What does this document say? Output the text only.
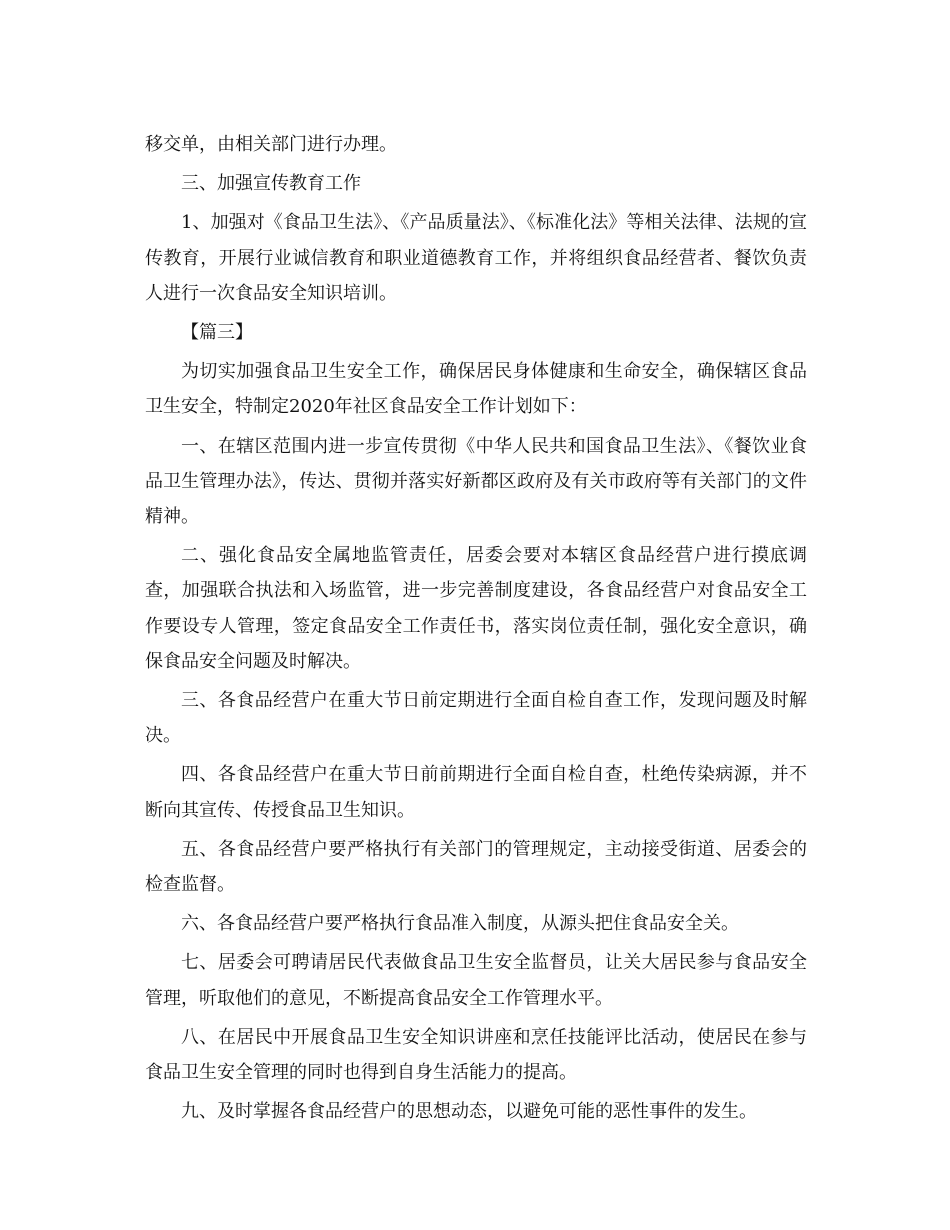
移交单，由相关部门进行办理。

三、加强宣传教育工作

1、加强对《食品卫生法》、《产品质量法》、《标准化法》等相关法律、法规的宣传教育，开展行业诚信教育和职业道德教育工作，并将组织食品经营者、餐饮负责人进行一次食品安全知识培训。

【篇三】

为切实加强食品卫生安全工作，确保居民身体健康和生命安全，确保辖区食品卫生安全，特制定2020年社区食品安全工作计划如下：

一、在辖区范围内进一步宣传贯彻《中华人民共和国食品卫生法》、《餐饮业食品卫生管理办法》，传达、贯彻并落实好新都区政府及有关市政府等有关部门的文件精神。

二、强化食品安全属地监管责任，居委会要对本辖区食品经营户进行摸底调查，加强联合执法和入场监管，进一步完善制度建设，各食品经营户对食品安全工作要设专人管理，签定食品安全工作责任书，落实岗位责任制，强化安全意识，确保食品安全问题及时解决。

三、各食品经营户在重大节日前定期进行全面自检自查工作，发现问题及时解决。

四、各食品经营户在重大节日前前期进行全面自检自查，杜绝传染病源，并不断向其宣传、传授食品卫生知识。

五、各食品经营户要严格执行有关部门的管理规定，主动接受街道、居委会的检查监督。

六、各食品经营户要严格执行食品准入制度，从源头把住食品安全关。

七、居委会可聘请居民代表做食品卫生安全监督员，让关大居民参与食品安全管理，听取他们的意见，不断提高食品安全工作管理水平。

八、在居民中开展食品卫生安全知识讲座和烹任技能评比活动，使居民在参与食品卫生安全管理的同时也得到自身生活能力的提高。

九、及时掌握各食品经营户的思想动态，以避免可能的恶性事件的发生。
